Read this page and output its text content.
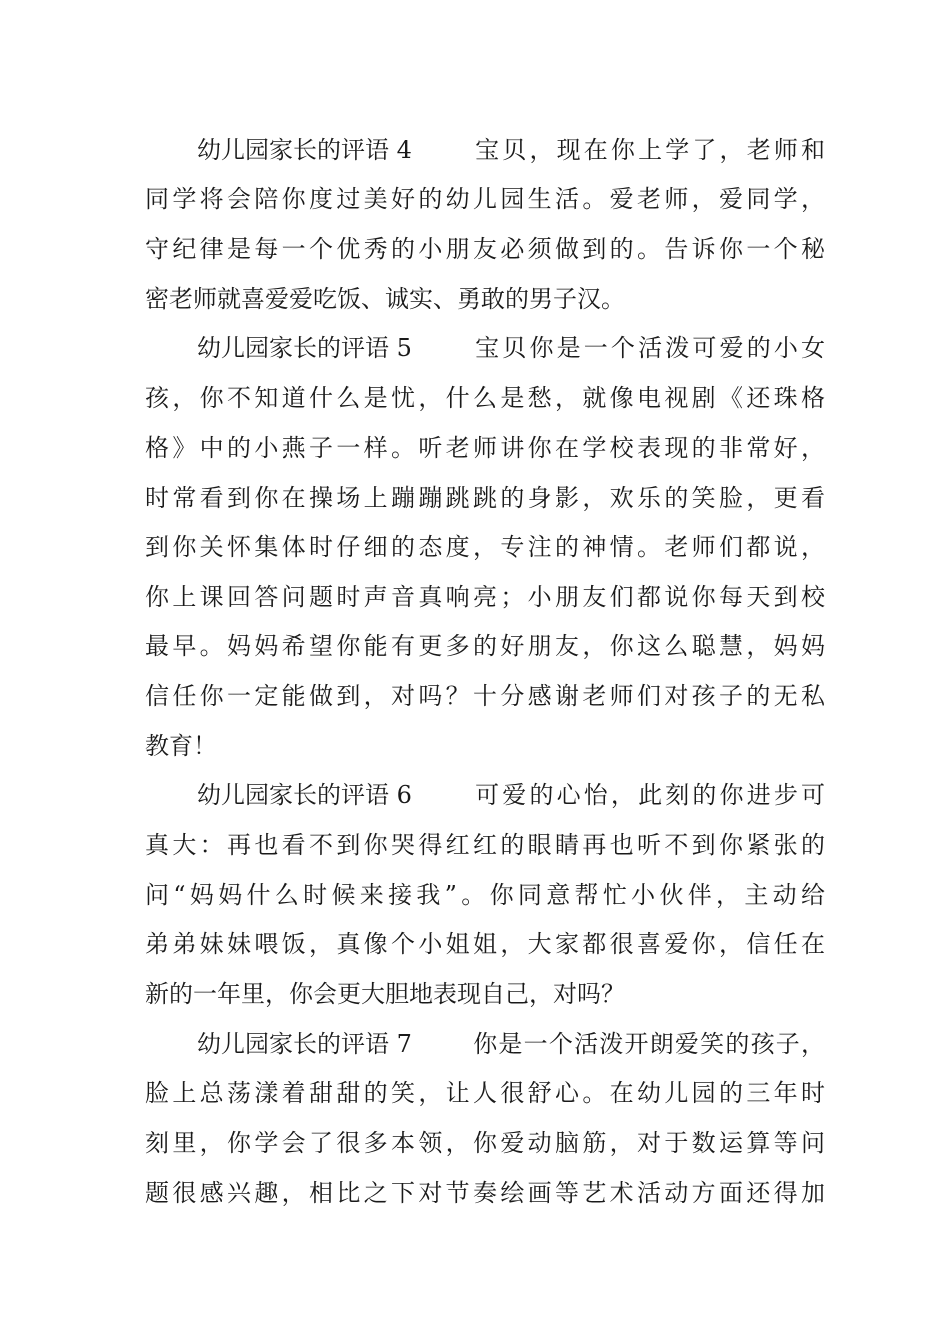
幼儿园家长的评语 4	宝贝，现在你上学了，老师和
同学将会陪你度过美好的幼儿园生活。爱老师，爱同学，
守纪律是每一个优秀的小朋友必须做到的。告诉你一个秘
密老师就喜爱爱吃饭、诚实、勇敢的男子汉。
幼儿园家长的评语 5	宝贝你是一个活泼可爱的小女
孩，你不知道什么是忧，什么是愁，就像电视剧《还珠格
格》中的小燕子一样。听老师讲你在学校表现的非常好，
时常看到你在操场上蹦蹦跳跳的身影，欢乐的笑脸，更看
到你关怀集体时仔细的态度，专注的神情。老师们都说，
你上课回答问题时声音真响亮；小朋友们都说你每天到校
最早。妈妈希望你能有更多的好朋友，你这么聪慧，妈妈
信任你一定能做到，对吗？十分感谢老师们对孩子的无私
教育！
幼儿园家长的评语 6	可爱的心怡，此刻的你进步可
真大：再也看不到你哭得红红的眼睛再也听不到你紧张的
问“妈妈什么时候来接我”。你同意帮忙小伙伴，主动给
弟弟妹妹喂饭，真像个小姐姐，大家都很喜爱你，信任在
新的一年里，你会更大胆地表现自己，对吗？
幼儿园家长的评语 7	你是一个活泼开朗爱笑的孩子，
脸上总荡漾着甜甜的笑，让人很舒心。在幼儿园的三年时
刻里，你学会了很多本领，你爱动脑筋，对于数运算等问
题很感兴趣，相比之下对节奏绘画等艺术活动方面还得加
